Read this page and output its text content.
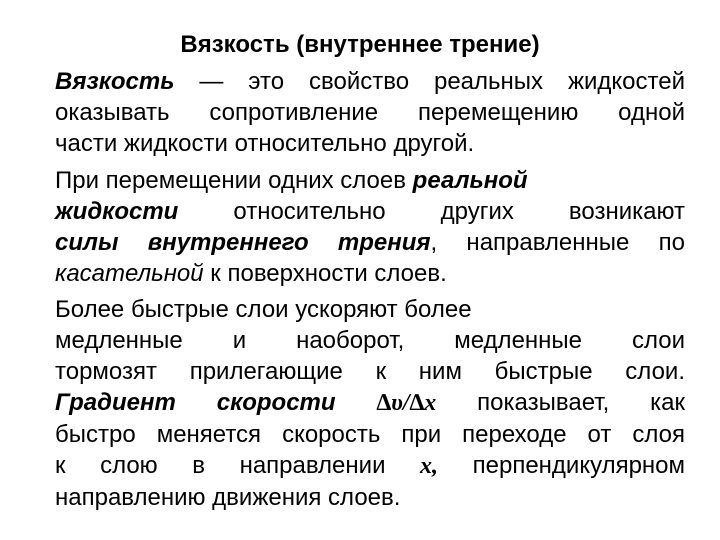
Вязкость (внутреннее трение)
Вязкость — это свойство реальных жидкостей
оказывать сопротивление перемещению одной
части жидкости относительно другой.
При перемещении одних слоев реальной
жидкости относительно других возникают
силы внутреннего трения, направленные по
касательной к поверхности слоев.
Более быстрые слои ускоряют более
медленные и наоборот, медленные слои
тормозят прилегающие к ним быстрые слои.
Градиент скорости ∆υ/∆x показывает, как
быстро меняется скорость при переходе от слоя
к слою в направлении x, перпендикулярном
направлению движения слоев.
